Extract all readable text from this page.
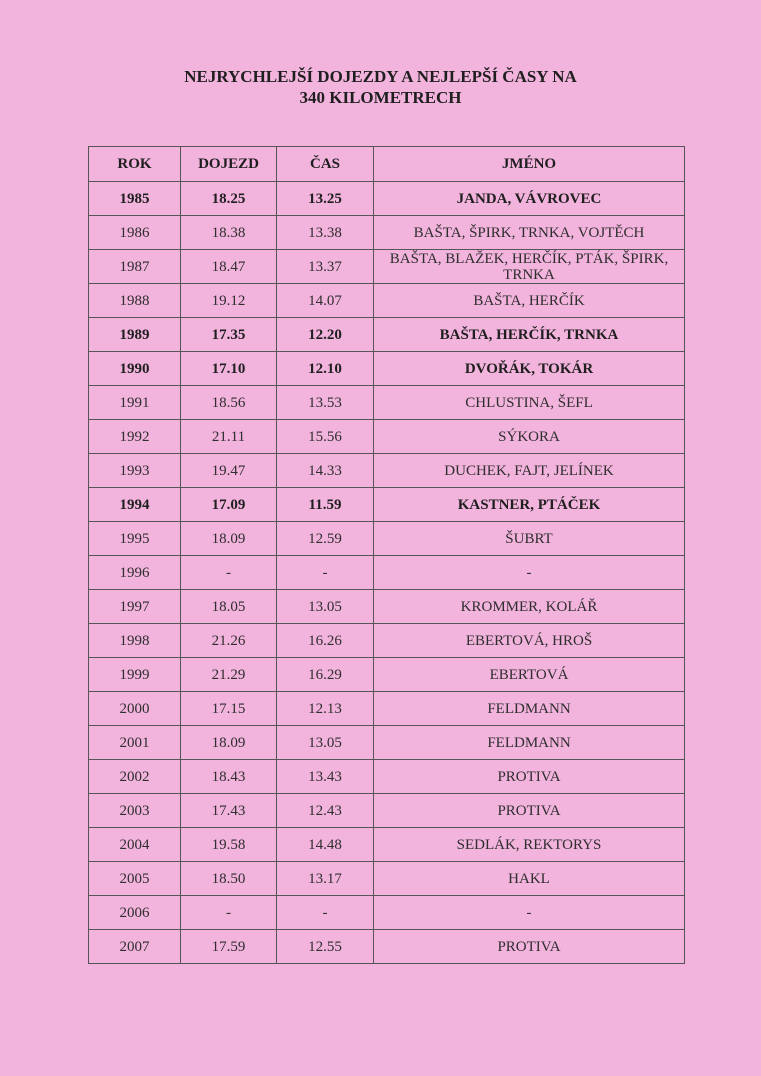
NEJRYCHLEJŠÍ DOJEZDY A NEJLEPŠÍ ČASY NA
340 KILOMETRECH
ROK	DOJEZD	ČAS	JMÉNO
1985	18.25	13.25	JANDA, VÁVROVEC
1986	18.38	13.38	BAŠTA, ŠPIRK, TRNKA, VOJTĚCH
1987	18.47	13.37	BAŠTA, BLAŽEK, HERČÍK, PTÁK, ŠPIRK, TRNKA
1988	19.12	14.07	BAŠTA, HERČÍK
1989	17.35	12.20	BAŠTA, HERČÍK, TRNKA
1990	17.10	12.10	DVOŘÁK, TOKÁR
1991	18.56	13.53	CHLUSTINA, ŠEFL
1992	21.11	15.56	SÝKORA
1993	19.47	14.33	DUCHEK, FAJT, JELÍNEK
1994	17.09	11.59	KASTNER, PTÁČEK
1995	18.09	12.59	ŠUBRT
1996	-	-	-
1997	18.05	13.05	KROMMER, KOLÁŘ
1998	21.26	16.26	EBERTOVÁ, HROŠ
1999	21.29	16.29	EBERTOVÁ
2000	17.15	12.13	FELDMANN
2001	18.09	13.05	FELDMANN
2002	18.43	13.43	PROTIVA
2003	17.43	12.43	PROTIVA
2004	19.58	14.48	SEDLÁK, REKTORYS
2005	18.50	13.17	HAKL
2006	-	-	-
2007	17.59	12.55	PROTIVA
